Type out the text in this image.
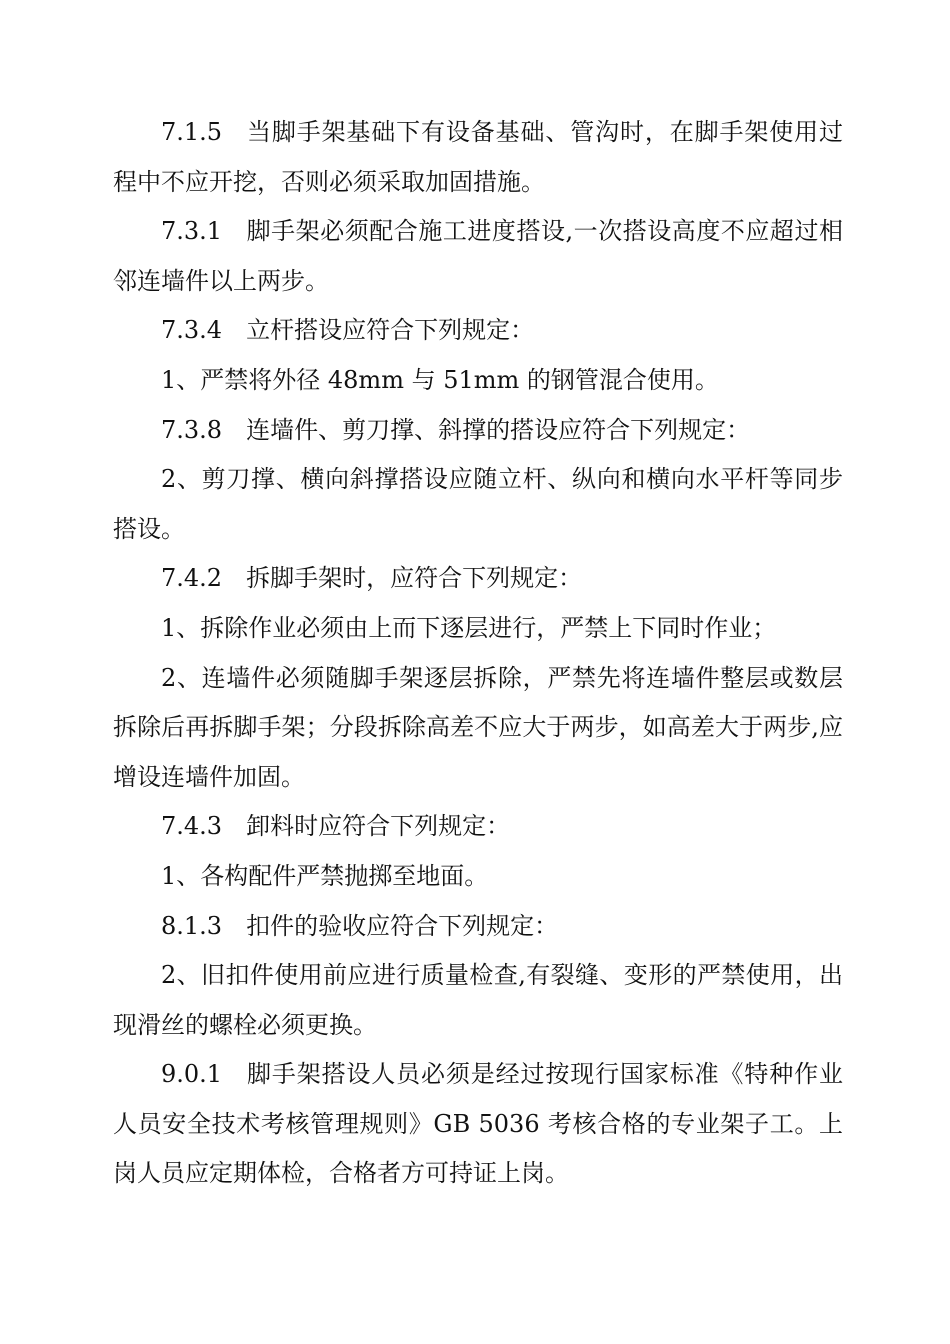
7.1.5 当脚手架基础下有设备基础、管沟时，在脚手架使用过程中不应开挖，否则必须采取加固措施。

7.3.1 脚手架必须配合施工进度搭设,一次搭设高度不应超过相邻连墙件以上两步。

7.3.4 立杆搭设应符合下列规定：

1、严禁将外径 48mm 与 51mm 的钢管混合使用。

7.3.8 连墙件、剪刀撑、斜撑的搭设应符合下列规定：

2、剪刀撑、横向斜撑搭设应随立杆、纵向和横向水平杆等同步搭设。

7.4.2 拆脚手架时，应符合下列规定：

1、拆除作业必须由上而下逐层进行，严禁上下同时作业；

2、连墙件必须随脚手架逐层拆除，严禁先将连墙件整层或数层拆除后再拆脚手架；分段拆除高差不应大于两步，如高差大于两步,应增设连墙件加固。

7.4.3 卸料时应符合下列规定：

1、各构配件严禁抛掷至地面。

8.1.3 扣件的验收应符合下列规定：

2、旧扣件使用前应进行质量检查,有裂缝、变形的严禁使用，出现滑丝的螺栓必须更换。

9.0.1 脚手架搭设人员必须是经过按现行国家标准《特种作业人员安全技术考核管理规则》GB 5036 考核合格的专业架子工。上岗人员应定期体检，合格者方可持证上岗。
